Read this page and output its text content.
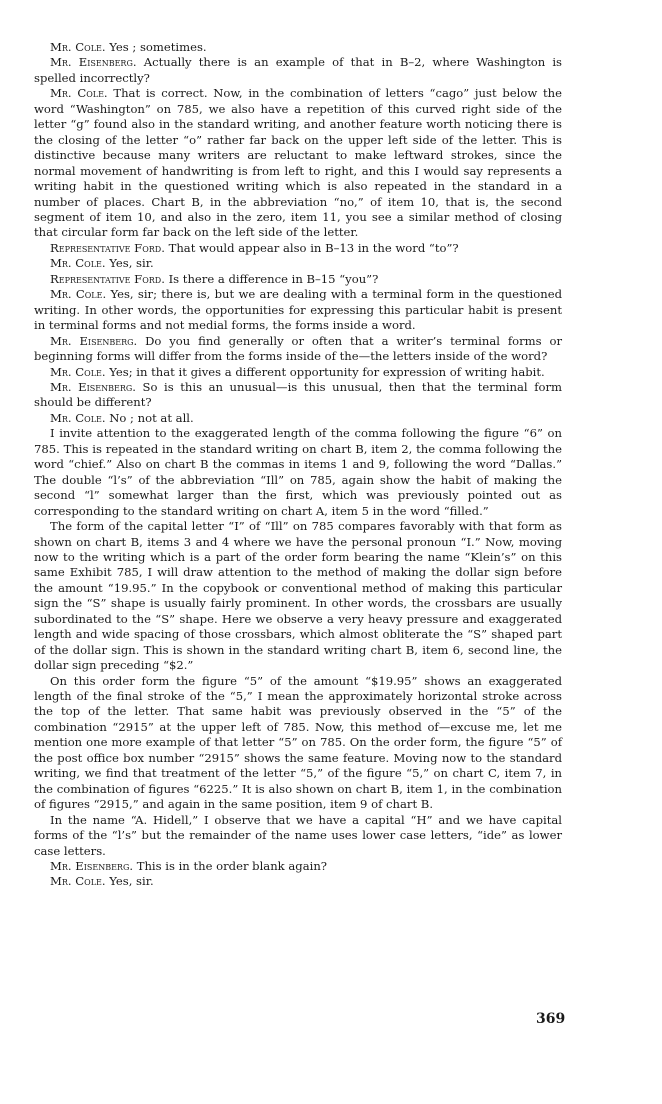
Mr. Cole. Yes ; sometimes.

Mr. Eisenberg. Actually there is an example of that in B–2, where Washington is spelled incorrectly?

Mr. Cole. That is correct. Now, in the combination of letters “cago” just below the word “Washington” on 785, we also have a repetition of this curved right side of the letter “g” found also in the standard writing, and another feature worth noticing there is the closing of the letter “o” rather far back on the upper left side of the letter. This is distinctive because many writers are reluctant to make leftward strokes, since the normal movement of handwriting is from left to right, and this I would say represents a writing habit in the questioned writing which is also repeated in the standard in a number of places. Chart B, in the abbreviation “no,” of item 10, that is, the second segment of item 10, and also in the zero, item 11, you see a similar method of closing that circular form far back on the left side of the letter.

Representative Ford. That would appear also in B–13 in the word “to”?

Mr. Cole. Yes, sir.

Representative Ford. Is there a difference in B–15 “you”?

Mr. Cole. Yes, sir; there is, but we are dealing with a terminal form in the questioned writing. In other words, the opportunities for expressing this particular habit is present in terminal forms and not medial forms, the forms inside a word.

Mr. Eisenberg. Do you find generally or often that a writer’s terminal forms or beginning forms will differ from the forms inside of the—the letters inside of the word?

Mr. Cole. Yes; in that it gives a different opportunity for expression of writing habit.

Mr. Eisenberg. So is this an unusual—is this unusual, then that the terminal form should be different?

Mr. Cole. No ; not at all.

I invite attention to the exaggerated length of the comma following the figure “6” on 785. This is repeated in the standard writing on chart B, item 2, the comma following the word “chief.” Also on chart B the commas in items 1 and 9, following the word “Dallas.” The double “l’s” of the abbreviation “Ill” on 785, again show the habit of making the second “l” somewhat larger than the first, which was previously pointed out as corresponding to the standard writing on chart A, item 5 in the word “filled.”

The form of the capital letter “I” of “Ill” on 785 compares favorably with that form as shown on chart B, items 3 and 4 where we have the personal pronoun “I.” Now, moving now to the writing which is a part of the order form bearing the name “Klein’s” on this same Exhibit 785, I will draw attention to the method of making the dollar sign before the amount “19.95.” In the copybook or conventional method of making this particular sign the “S” shape is usually fairly prominent. In other words, the crossbars are usually subordinated to the “S” shape. Here we observe a very heavy pressure and exaggerated length and wide spacing of those crossbars, which almost obliterate the “S” shaped part of the dollar sign. This is shown in the standard writing chart B, item 6, second line, the dollar sign preceding “$2.”

On this order form the figure “5” of the amount “$19.95” shows an exaggerated length of the final stroke of the “5,” I mean the approximately horizontal stroke across the top of the letter. That same habit was previously observed in the “5” of the combination “2915” at the upper left of 785. Now, this method of—excuse me, let me mention one more example of that letter “5” on 785. On the order form, the figure “5” of the post office box number “2915” shows the same feature. Moving now to the standard writing, we find that treatment of the letter “5,” of the figure “5,” on chart C, item 7, in the combination of figures “6225.” It is also shown on chart B, item 1, in the combination of figures “2915,” and again in the same position, item 9 of chart B.

In the name “A. Hidell,” I observe that we have a capital “H” and we have capital forms of the “l’s” but the remainder of the name uses lower case letters, “ide” as lower case letters.

Mr. Eisenberg. This is in the order blank again?

Mr. Cole. Yes, sir.

369
